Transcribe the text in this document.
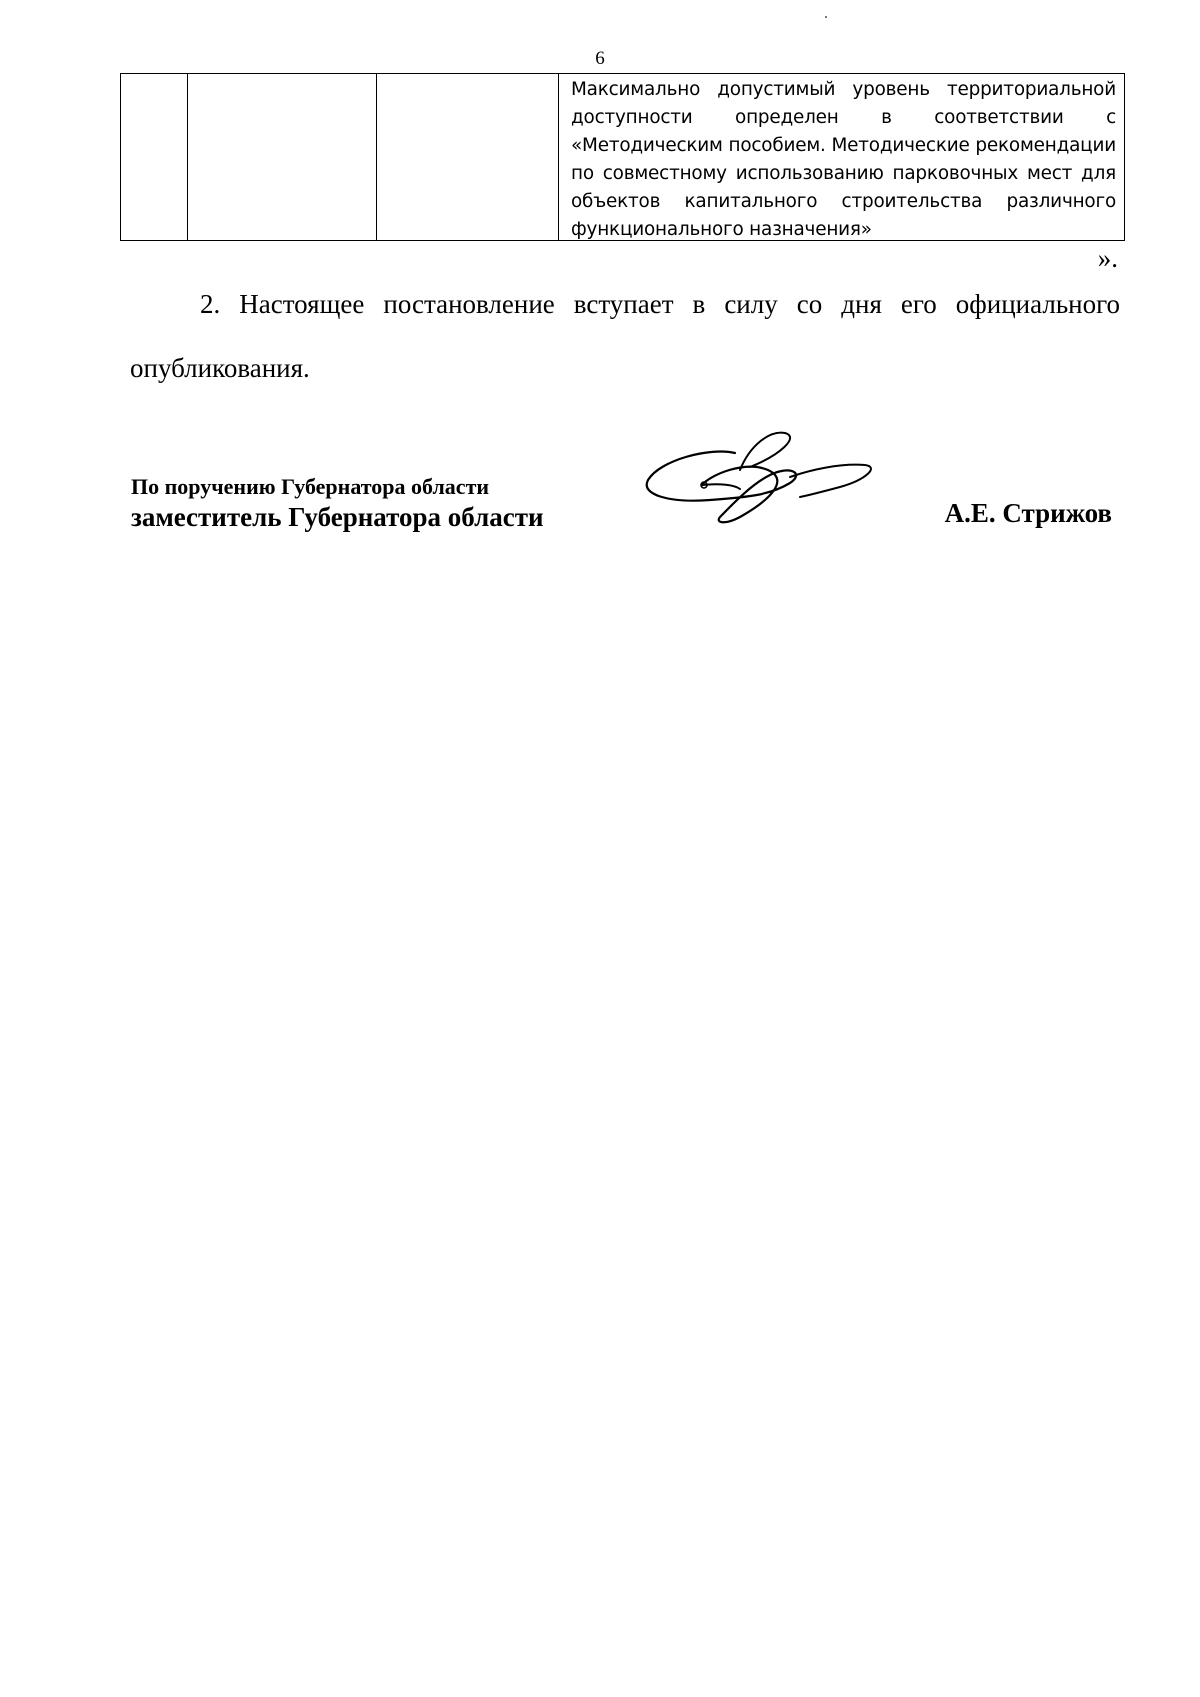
6

Максимально допустимый уровень территориальной доступности определен в соответствии с «Методическим пособием. Методические рекомендации по совместному использованию парковочных мест для объектов капитального строительства различного функционального назначения»
».
2. Настоящее постановление вступает в силу со дня его официального опубликования.
По поручению Губернатора области
заместитель Губернатора области	А.Е. Стрижов
